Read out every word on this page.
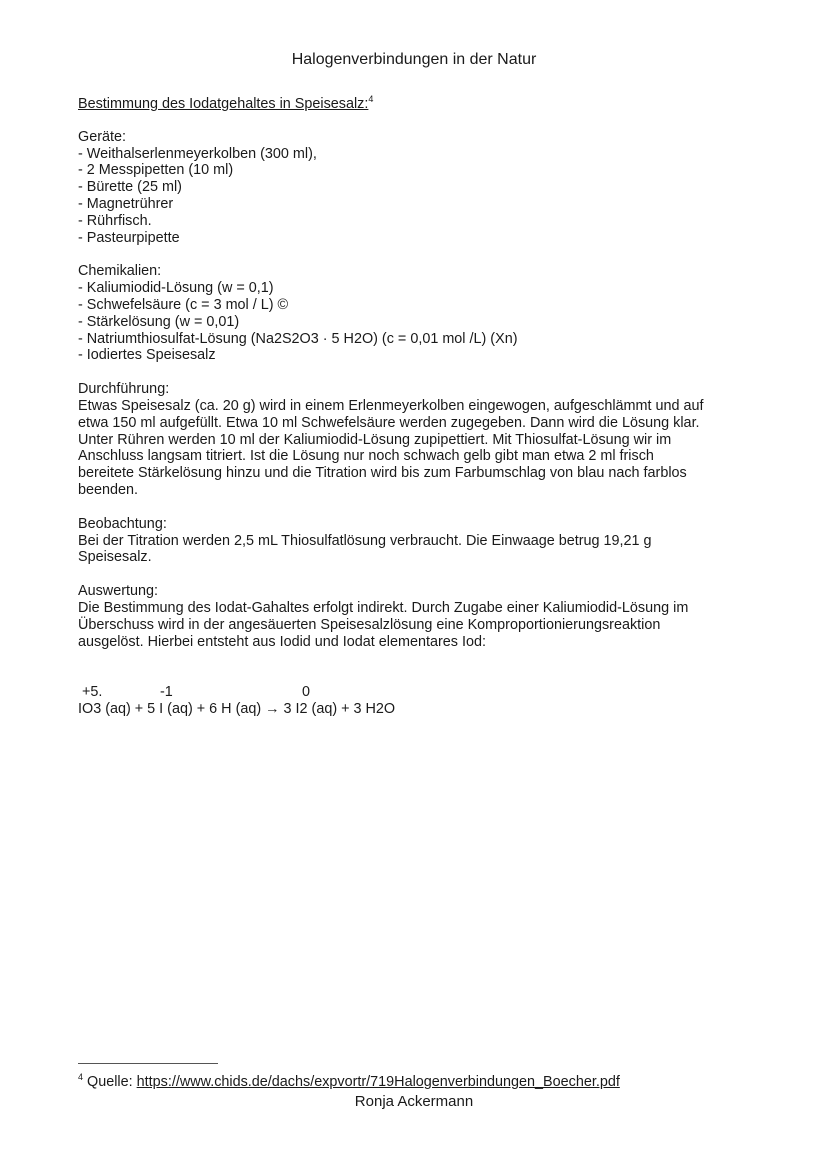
Halogenverbindungen in der Natur
Bestimmung des Iodatgehaltes in Speisesalz:$^4$
Geräte:
- Weithalserlenmeyerkolben (300 ml),
- 2 Messpipetten (10 ml)
- Bürette (25 ml)
- Magnetrührer
- Rührfisch.
- Pasteurpipette
Chemikalien:
- Kaliumiodid-Lösung (w = 0,1)
- Schwefelsäure (c = 3 mol / L) ©
- Stärkelösung (w = 0,01)
- Natriumthiosulfat-Lösung (Na2S2O3 · 5 H2O) (c = 0,01 mol /L) (Xn)
- Iodiertes Speisesalz
Durchführung:
Etwas Speisesalz (ca. 20 g) wird in einem Erlenmeyerkolben eingewogen, aufgeschlämmt und auf
etwa 150 ml aufgefüllt. Etwa 10 ml Schwefelsäure werden zugegeben. Dann wird die Lösung klar.
Unter Rühren werden 10 ml der Kaliumiodid-Lösung zupipettiert. Mit Thiosulfat-Lösung wir im
Anschluss langsam titriert. Ist die Lösung nur noch schwach gelb gibt man etwa 2 ml frisch
bereitete Stärkelösung hinzu und die Titration wird bis zum Farbumschlag von blau nach farblos
beenden.
Beobachtung:
Bei der Titration werden 2,5 mL Thiosulfatlösung verbraucht. Die Einwaage betrug 19,21 g
Speisesalz.
Auswertung:
Die Bestimmung des Iodat-Gahaltes erfolgt indirekt. Durch Zugabe einer Kaliumiodid-Lösung im
Überschuss wird in der angesäuerten Speisesalzlösung eine Komproportionierungsreaktion
ausgelöst. Hierbei entsteht aus Iodid und Iodat elementares Iod:
+5.	-1	0
IO3 (aq) + 5 I (aq) + 6 H (aq) → 3 I2 (aq) + 3 H2O
$^4$ Quelle: https://www.chids.de/dachs/expvortr/719Halogenverbindungen_Boecher.pdf
Ronja Ackermann
